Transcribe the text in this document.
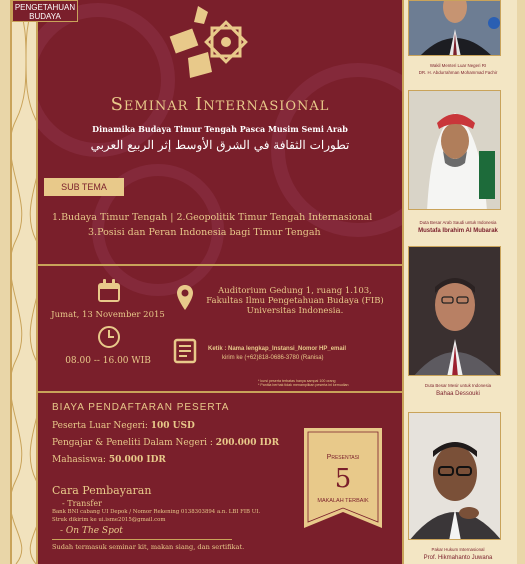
PENGETAHUAN
BUDAYA
Seminar Internasional
Dinamika Budaya Timur Tengah Pasca Musim Semi Arab
تطورات الثقافة في الشرق الأوسط إثر الربيع العربي
SUB TEMA
1.Budaya Timur Tengah | 2.Geopolitik Timur Tengah Internasional
3.Posisi dan Peran Indonesia bagi Timur Tengah
Jumat, 13 November 2015
08.00 -- 16.00 WIB
Auditorium Gedung 1, ruang 1.103,
Fakultas Ilmu Pengetahuan Budaya (FIB)
Universitas Indonesia.
Ketik : Nama lengkap_Instansi_Nomor HP_email
kirim ke (+62)818-0686-3780 (Ranisa)
* kursi peserta terbatas hanya sampai 100 orang
* Panitia berhak tidak menampilkan peserta ini kemudian
BIAYA PENDAFTARAN PESERTA
Peserta Luar Negeri: 100 USD
Pengajar & Peneliti Dalam Negeri : 200.000 IDR
Mahasiswa: 50.000 IDR
Cara Pembayaran
- Transfer
Bank BNI cabang UI Depok / Nomor Rekening 0138303894 a.n. LBI FIB UI.
Struk dikirim ke ui.isme2015@gmail.com
- On The Spot
Sudah termasuk seminar kit, makan siang, dan sertifikat.
Presentasi
5
MAKALAH TERBAIK
Wakil Menteri Luar Negeri RI
DR. H. Abdurrahman Mohammad Fachir
Duta Besar Arab Saudi untuk Indonesia
Mustafa Ibrahim Al Mubarak
Duta Besar Mesir untuk Indonesia
Bahaa Dessouki
Pakar Hukum Internasional
Prof. Hikmahanto Juwana
